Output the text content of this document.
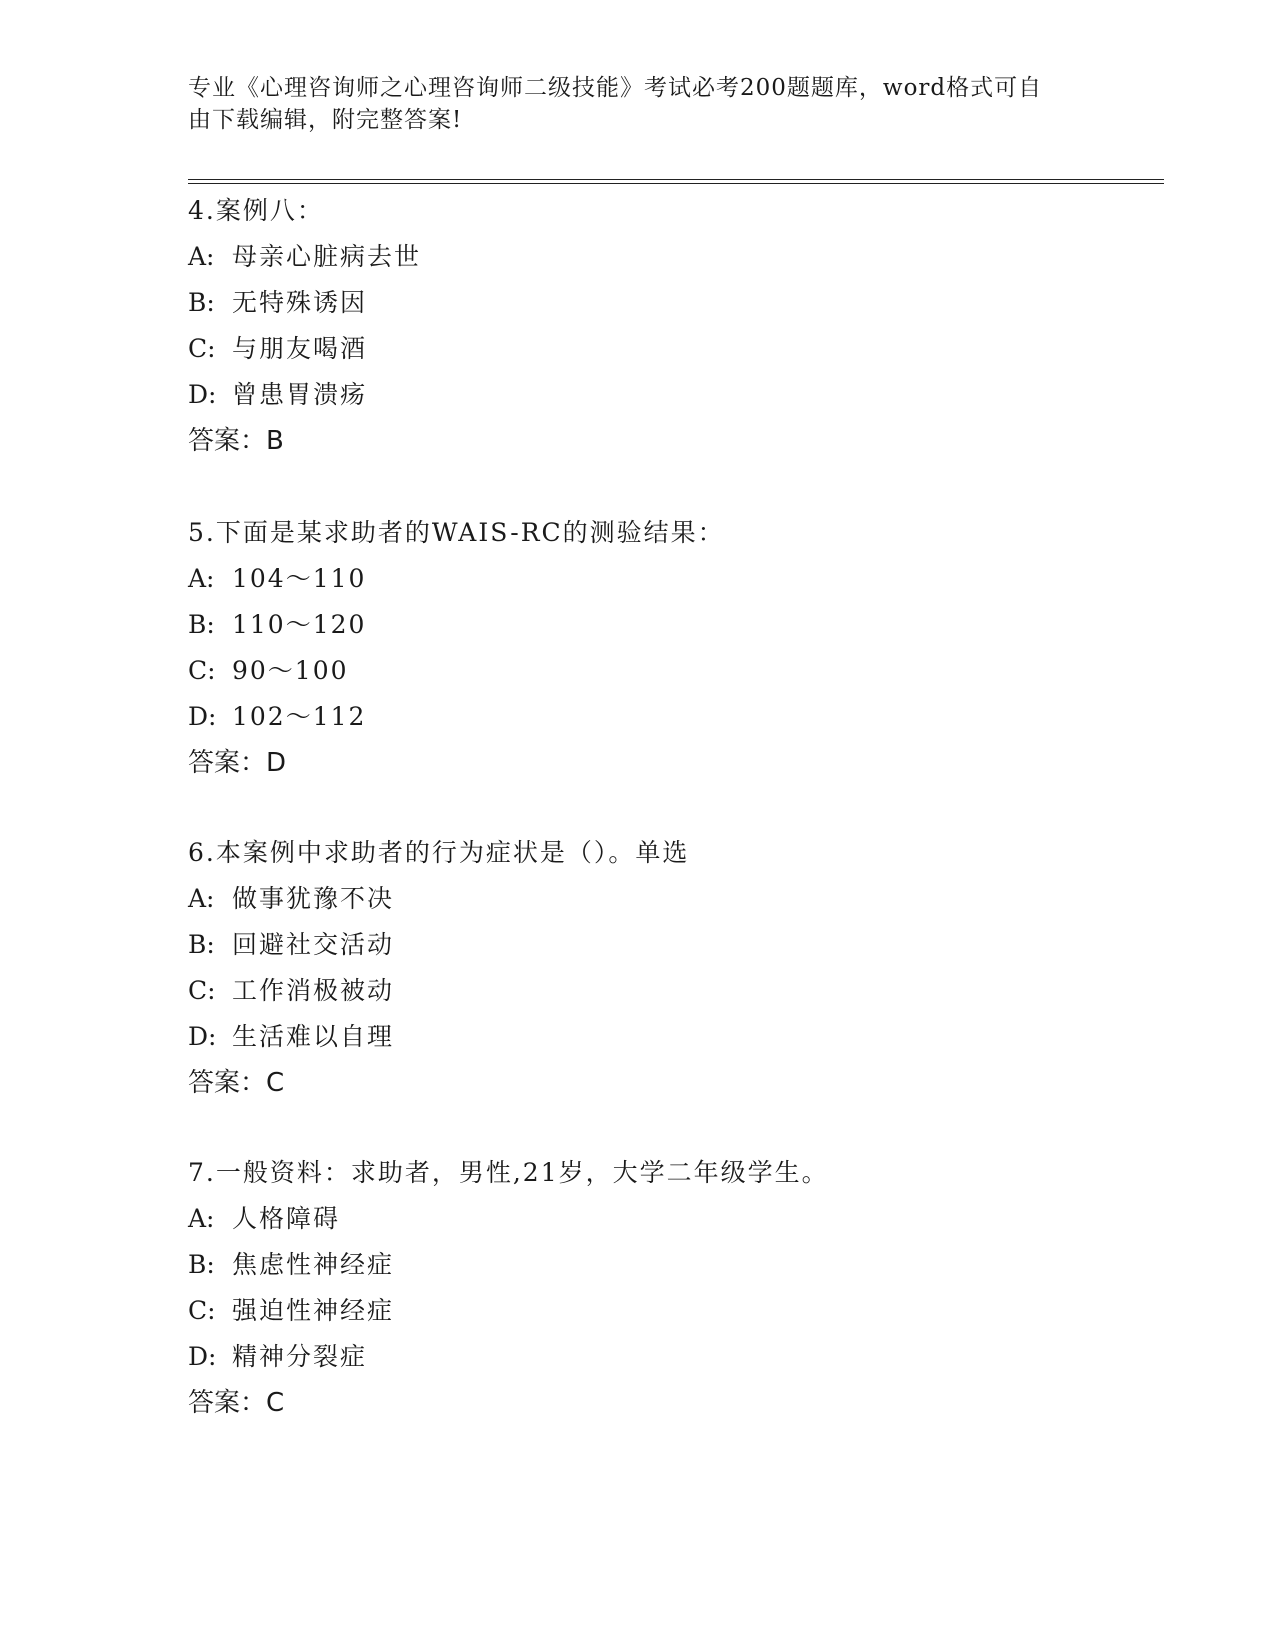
专业《心理咨询师之心理咨询师二级技能》考试必考200题题库，word格式可自
由下载编辑，附完整答案!
4.案例八：
A: 母亲心脏病去世
B: 无特殊诱因
C: 与朋友喝酒
D: 曾患胃溃疡
答案：B
5.下面是某求助者的WAIS-RC的测验结果：
A: 104～110
B: 110～120
C: 90～100
D: 102～112
答案：D
6.本案例中求助者的行为症状是（）。单选
A: 做事犹豫不决
B: 回避社交活动
C: 工作消极被动
D: 生活难以自理
答案：C
7.一般资料：求助者，男性,21岁，大学二年级学生。
A: 人格障碍
B: 焦虑性神经症
C: 强迫性神经症
D: 精神分裂症
答案：C
